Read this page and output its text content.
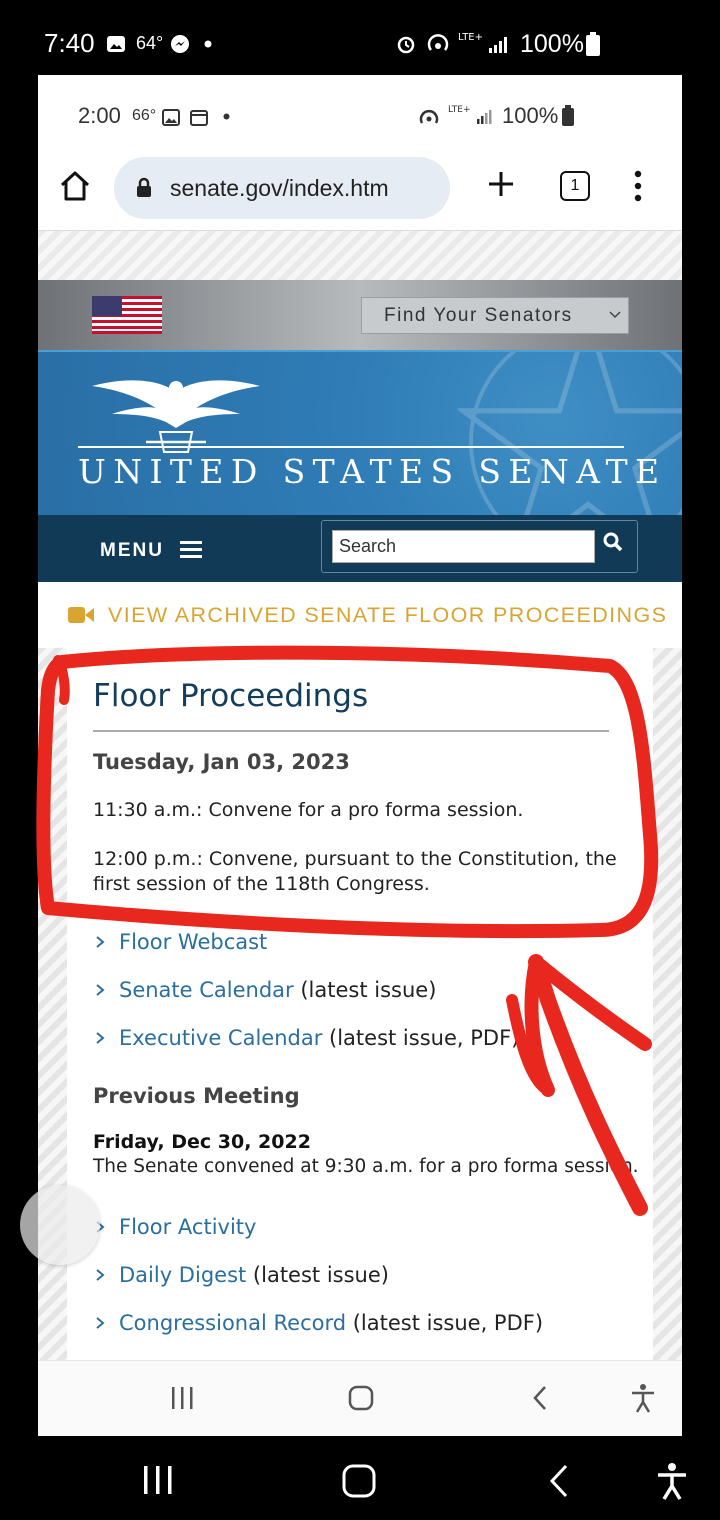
7:40 64°	LTE+ 100%
2:00 66°	LTE+ 100%
senate.gov/index.htm	1
Find Your Senators
UNITED STATES SENATE
MENU	Search
VIEW ARCHIVED SENATE FLOOR PROCEEDINGS
Floor Proceedings
Tuesday, Jan 03, 2023
11:30 a.m.: Convene for a pro forma session.
12:00 p.m.: Convene, pursuant to the Constitution, the first session of the 118th Congress.
Floor Webcast
Senate Calendar (latest issue)
Executive Calendar (latest issue, PDF)
Previous Meeting
Friday, Dec 30, 2022
The Senate convened at 9:30 a.m. for a pro forma session.
Floor Activity
Daily Digest (latest issue)
Congressional Record (latest issue, PDF)
